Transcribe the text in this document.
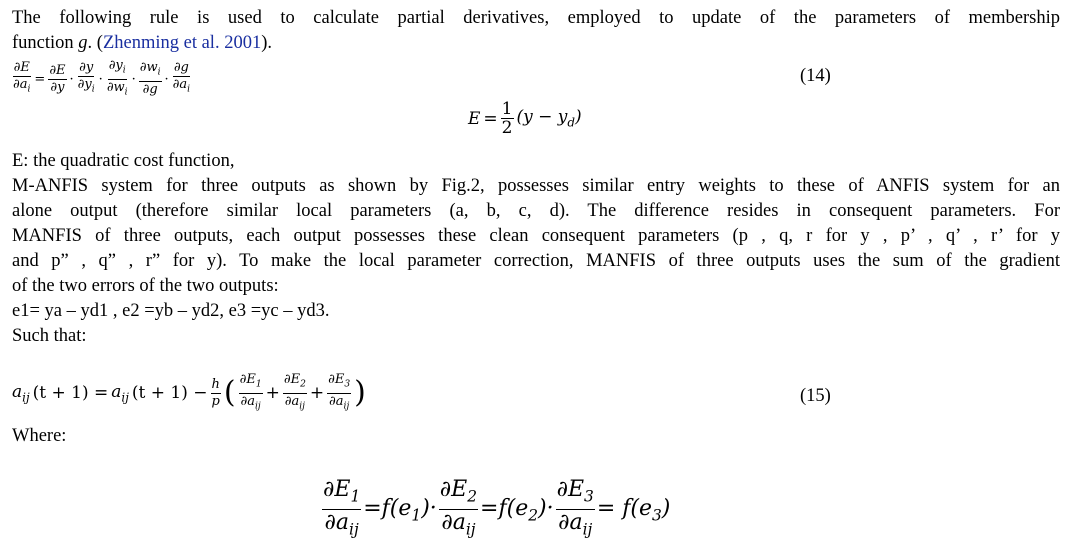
The following rule is used to calculate partial derivatives, employed to update of the parameters of membership
function g. (Zhenming et al. 2001).
$\frac{\partial E}{\partial a_i} = \frac{\partial E}{\partial y} \cdot \frac{\partial y}{\partial y_i} \cdot \frac{\partial y_i}{\partial w_i} \cdot \frac{\partial w_i}{\partial g} \cdot \frac{\partial g}{\partial a_i}$	(14)
$E = \frac{1}{2} (y - y_d)$
E: the quadratic cost function,
M-ANFIS system for three outputs as shown by Fig.2, possesses similar entry weights to these of ANFIS system for an
alone output (therefore similar local parameters (a, b, c, d). The difference resides in consequent parameters. For
MANFIS of three outputs, each output possesses these clean consequent parameters (p , q, r for y , p’ , q’ , r’ for y
and p” , q” , r” for y). To make the local parameter correction, MANFIS of three outputs uses the sum of the gradient
of the two errors of the two outputs:
e1= ya – yd1 , e2 =yb – yd2, e3 =yc – yd3.
Such that:
$a_{ij}$ $(t + 1) = a_{ij}$ $(t + 1) - \frac{h}{p}$ ( $\frac{\partial E_1}{\partial a_{ij}} + \frac{\partial E_2}{\partial a_{ij}} + \frac{\partial E_3}{\partial a_{ij}}$ )	(15)
Where:
$\frac{\partial E_1}{\partial a_{ij}} =f(e_1)\cdot \frac{\partial E_2}{\partial a_{ij}} =f(e_2)\cdot \frac{\partial E_3}{\partial a_{ij}} = f(e_3)$
